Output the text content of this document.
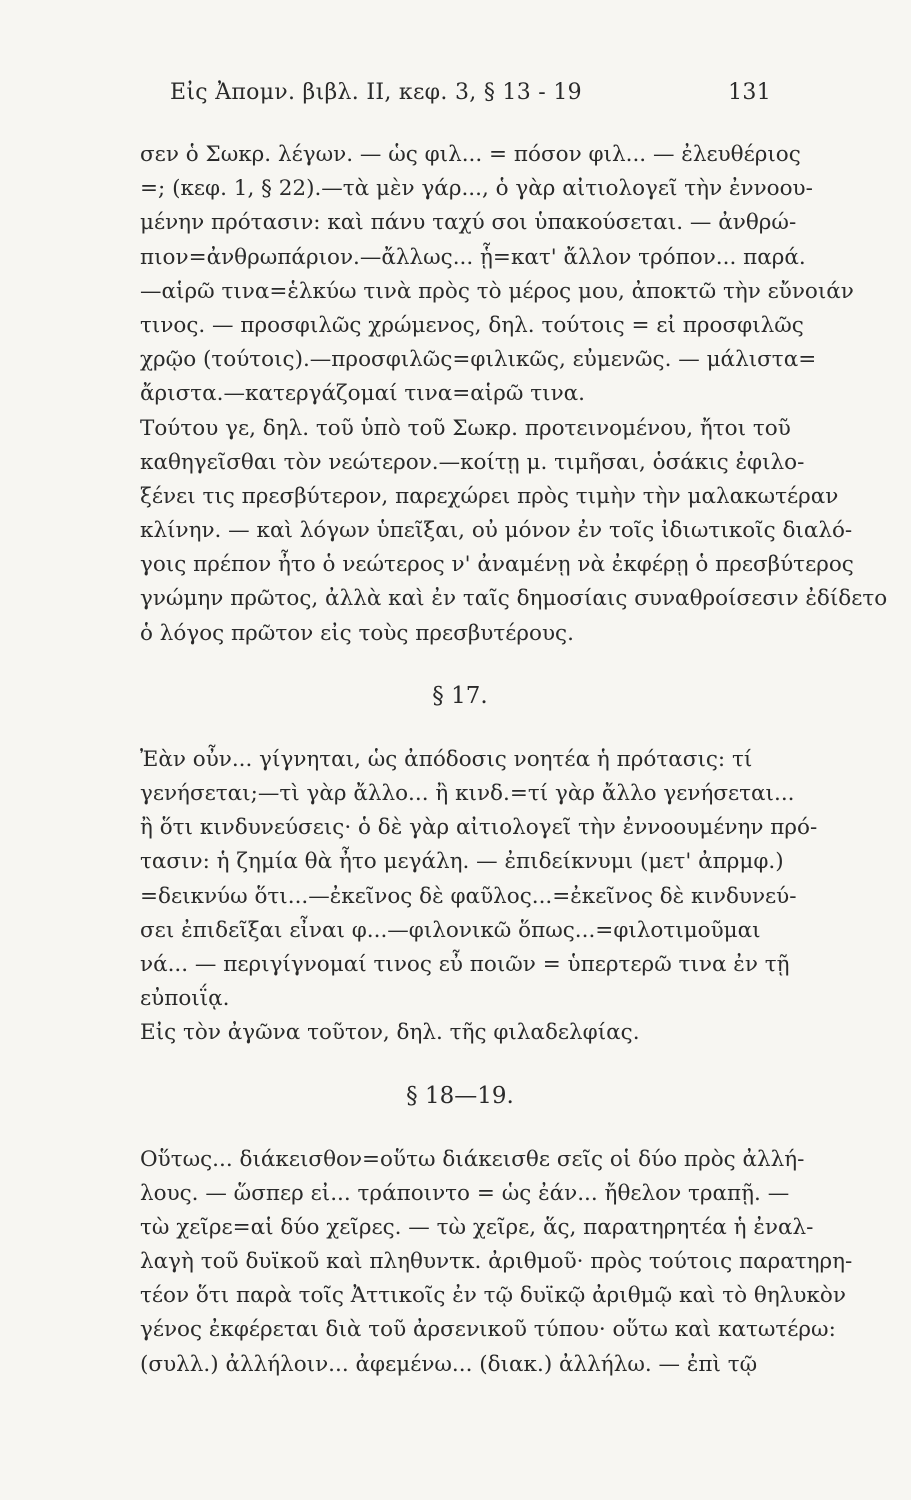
Εἰς Ἀπομν. βιβλ. II, κεφ. 3, § 13 - 19	131
σεν ὁ Σωκρ. λέγων. — ὡς φιλ... = πόσον φιλ... — ἐλευθέριος
=; (κεφ. 1, § 22).—τὰ μὲν γάρ..., ὁ γὰρ αἰτιολογεῖ τὴν ἐννοου-
μένην πρότασιν: καὶ πάνυ ταχύ σοι ὑπακούσεται. — ἀνθρώ-
πιον=ἀνθρωπάριον.—ἄλλως... ᾗ=κατ' ἄλλον τρόπον... παρά.
—αἱρῶ τινα=ἑλκύω τινὰ πρὸς τὸ μέρος μου, ἀποκτῶ τὴν εὔνοιάν
τινος. — προσφιλῶς χρώμενος, δηλ. τούτοις = εἰ προσφιλῶς
χρῷο (τούτοις).—προσφιλῶς=φιλικῶς, εὐμενῶς. — μάλιστα=
ἄριστα.—κατεργάζομαί τινα=αἱρῶ τινα.
Τούτου γε, δηλ. τοῦ ὑπὸ τοῦ Σωκρ. προτεινομένου, ἤτοι τοῦ
καθηγεῖσθαι τὸν νεώτερον.—κοίτῃ μ. τιμῆσαι, ὁσάκις ἐφιλο-
ξένει τις πρεσβύτερον, παρεχώρει πρὸς τιμὴν τὴν μαλακωτέραν
κλίνην. — καὶ λόγων ὑπεῖξαι, οὐ μόνον ἐν τοῖς ἰδιωτικοῖς διαλό-
γοις πρέπον ἦτο ὁ νεώτερος ν' ἀναμένῃ νὰ ἐκφέρῃ ὁ πρεσβύτερος
γνώμην πρῶτος, ἀλλὰ καὶ ἐν ταῖς δημοσίαις συναθροίσεσιν ἐδίδετο
ὁ λόγος πρῶτον εἰς τοὺς πρεσβυτέρους.
§ 17.
Ἐὰν οὖν... γίγνηται, ὡς ἀπόδοσις νοητέα ἡ πρότασις: τί
γενήσεται;—τὶ γὰρ ἄλλο... ἢ κινδ.=τί γὰρ ἄλλο γενήσεται...
ἢ ὅτι κινδυνεύσεις· ὁ δὲ γὰρ αἰτιολογεῖ τὴν ἐννοουμένην πρό-
τασιν: ἡ ζημία θὰ ἦτο μεγάλη. — ἐπιδείκνυμι (μετ' ἀπρμφ.)
=δεικνύω ὅτι...—ἐκεῖνος δὲ φαῦλος...=ἐκεῖνος δὲ κινδυνεύ-
σει ἐπιδεῖξαι εἶναι φ...—φιλονικῶ ὅπως...=φιλοτιμοῦμαι
νά... — περιγίγνομαί τινος εὖ ποιῶν = ὑπερτερῶ τινα ἐν τῇ
εὐποιΐᾳ.
Εἰς τὸν ἀγῶνα τοῦτον, δηλ. τῆς φιλαδελφίας.
§ 18—19.
Οὕτως... διάκεισθον=οὕτω διάκεισθε σεῖς οἱ δύο πρὸς ἀλλή-
λους. — ὥσπερ εἰ... τράποιντο = ὡς ἐάν... ἤθελον τραπῇ. —
τὼ χεῖρε=αἱ δύο χεῖρες. — τὼ χεῖρε, ἅς, παρατηρητέα ἡ ἐναλ-
λαγὴ τοῦ δυϊκοῦ καὶ πληθυντκ. ἀριθμοῦ· πρὸς τούτοις παρατηρη-
τέον ὅτι παρὰ τοῖς Ἀττικοῖς ἐν τῷ δυϊκῷ ἀριθμῷ καὶ τὸ θηλυκὸν
γένος ἐκφέρεται διὰ τοῦ ἀρσενικοῦ τύπου· οὕτω καὶ κατωτέρω:
(συλλ.) ἀλλήλοιν... ἀφεμένω... (διακ.) ἀλλήλω. — ἐπὶ τῷ
